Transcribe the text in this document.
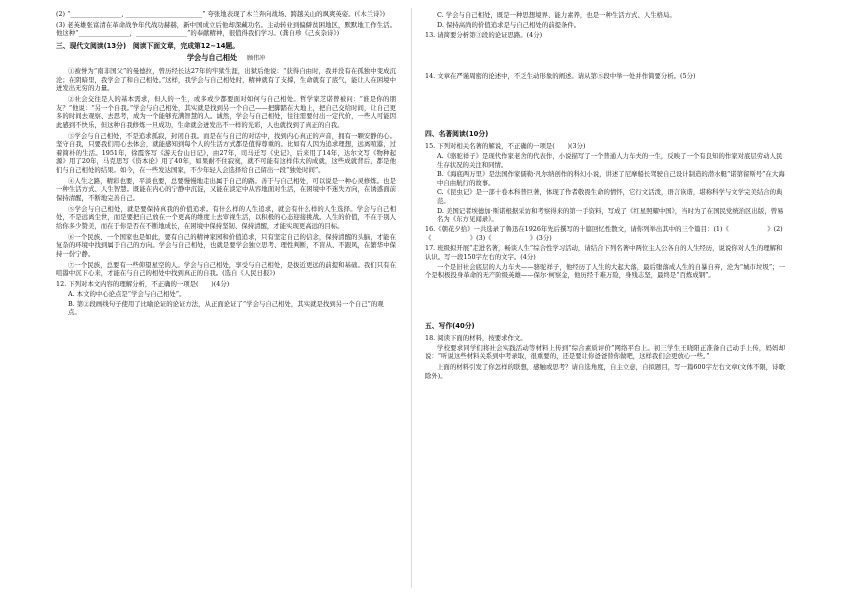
(2) “________________, ________________________” 夸张地表现了木兰奔向战场、跨越关山的飒爽英姿。(《木兰诗》)

(3) 老英雄张富清在革命战争年代战功赫赫，新中国成立后他却深藏功名。主动转业到偏僻贫困地区，默默地工作生活。他这种“________________，________________”的奉献精神，很值得我们学习。(龚自珍《己亥杂诗》)

三、现代文阅读(13分)　阅读下面文章，完成第12~14题。
学会与自己相处 顾伟冲

①被誉为“南非国父”的曼德拉，曾历经长达27年的牢狱生涯，出狱后他说：“获得自由时，我并没有在孤独中变成沉沦；在阴暗里，我学会了和自己相处。”这样，我学会与自己相处时，精神就有了支撑，生命就有了底气，能让人在困境中迸发出无穷的力量。

②社会交往是人的基本需求，但人的一生，或多或少都要面对如何与自己相处。哲学家芝诺曾被问：“谁是你的朋友？”他说：“另一个自我。”学会与自己相处，其实就是找到另一个自己——把脚踏在大地上，把自己交给时间，让自己更多的时间去观察、去思考，成为一个能够充满智慧的人。诚然，学会与自己相处，往往需要付出一定代价，一些人可能因此感到不快乐，但这种自我修炼一旦成功，生命就会迸发出不一样的光彩，人也就找到了真正的自我。

③学会与自己相处，不是追求孤寂，封闭自我。而是在与自己的对话中，找到内心真正的声音，拥有一颗安静的心。坚守自我，只要我们用心去体会，就能感知到每个人的生活方式都是值得尊重的。比如有人因为追求理想，远离喧嚣，过着简朴的生活。1951年，徐霞客写《游天台山日记》，由27年，司马迁写《史记》，后来用了14年，达尔文写《物种起源》用了20年，马克思写《资本论》用了40年，如果耐不住寂寞，就不可能有这样伟大的成就，这些成就背后，都是他们与自己相处的结果。如今，在一些发达国家，不少年轻人会选择给自己留出一段“独处时间”。

④人生之路，精彩也要，平淡也要，总要慢慢地走出属于自己的路。善于与自己相处，可以说是一种心灵修炼。也是一种生活方式、人生智慧。既能在内心的宁静中沉淀，又能在淡定中从容地面对生活，在困境中不迷失方向，在诱惑面前保持清醒，不断地完善自己。

⑤学会与自己相处，就是要保持真我的价值追求。有什么样的人生追求，就会有什么样的人生选择。学会与自己相处，不是远离尘世，而是要把自己放在一个更高的维度上去审视生活，以积极的心态迎接挑战。人生的价值，不在于别人给你多少赞美，而在于你是否在不断地成长，在困境中保持坚韧、保持清醒，才能实现更高远的目标。

⑥一个民族、一个国家也是如此，要有自己的精神家园和价值追求，只有坚定自己的信念，保持清醒的头脑，才能在复杂的环境中找到属于自己的方向。学会与自己相处，也就是要学会独立思考、理性判断，不盲从、不跟风，在繁华中保持一份宁静。

⑦一个民族，总要有一些仰望星空的人。学会与自己相处，享受与自己相处，是拔近更远的前提和基础。我们只有在喧嚣中沉下心来，才能在与自己的相处中找到真正的自我。(选自《人民日报》)

12. 下列对本文内容的理解分析，不正确的一项是(　　)(4分)
A. 本文的中心论点是“学会与自己相处”。
B. 第②段画线句子使用了比喻论证的论证方法，从正面论证了“学会与自己相处，其实就是找到另一个自己”的观点。
C. 学会与自己相处，既是一种思想境界、能力素养，也是一种生活方式、人生格局。
D. 保持高尚的价值追求是与自己相处的前提条件。
13. 请简要分析第③段的论证思路。(4分)
14. 文章在严谨周密的论述中，不乏生动形象的阐述。请从第⑤段中举一处并作简要分析。(5分)
四、名著阅读(10分)
15. 下列对相关名著的解说，不正确的一项是(　　)(3分)
A.《骆驼祥子》是现代作家老舍的代表作，小说描写了一个普通人力车夫的一生，反映了一个有良知的作家对底层劳动人民生存状况的关注和同情。
B.《海底两万里》是法国作家儒勒·凡尔纳创作的科幻小说，讲述了尼摩船长驾驶自己设计制造的潜水艇“诺第留斯号”在大海中自由航行的故事。
C.《昆虫记》是一部十卷本科普巨著，体现了作者敬畏生命的情怀，它行文活泼，语言诙谐，堪称科学与文学完美结合的典范。
D. 美国记者埃德加·斯诺根据采访和考察得来的第一手资料，写成了《红星照耀中国》，当时为了在国民党统治区出版，曾易名为《东方见闻录》。
16.《朝花夕拾》一共选录了鲁迅在1926年先后撰写的十篇回忆性散文，请你列举出其中的三个篇目：(1)《　　　　　　》(2)《　　　　　　》(3)《　　　　　　》(3分)
17. 班级拟开展“走进名著，畅谈人生”综合性学习活动，请结合下列名著中两位主人公各自的人生经历，说说你对人生的理解和认识。写一段150字左右的文字。(4分)

一个是旧社会底层的人力车夫——骆驼祥子，他经历了人生的大起大落，最后堕落成人生的自暴自弃，沦为“城市垃圾”；一个是积极投身革命的无产阶级英雄——保尔·柯察金，他历经千难万险，身残志坚，最终是“百炼成钢”。

五、写作(40分)
18. 阅读下面的材料，按要求作文。

学校要求同学们将社会实践活动等材料上传到“综合素质评价”网络平台上。初三学生王晓阳正准备自己动手上传，妈妈却说：“听说这些材料关系到中考录取，很重要的，还是要让你爸爸替你做吧，这样我们会更放心一些。”

上面的材料引发了你怎样的联想，感触或思考？请自选角度，自主立意，自拟题目，写一篇600字左右文章(文体不限，诗歌除外)。
